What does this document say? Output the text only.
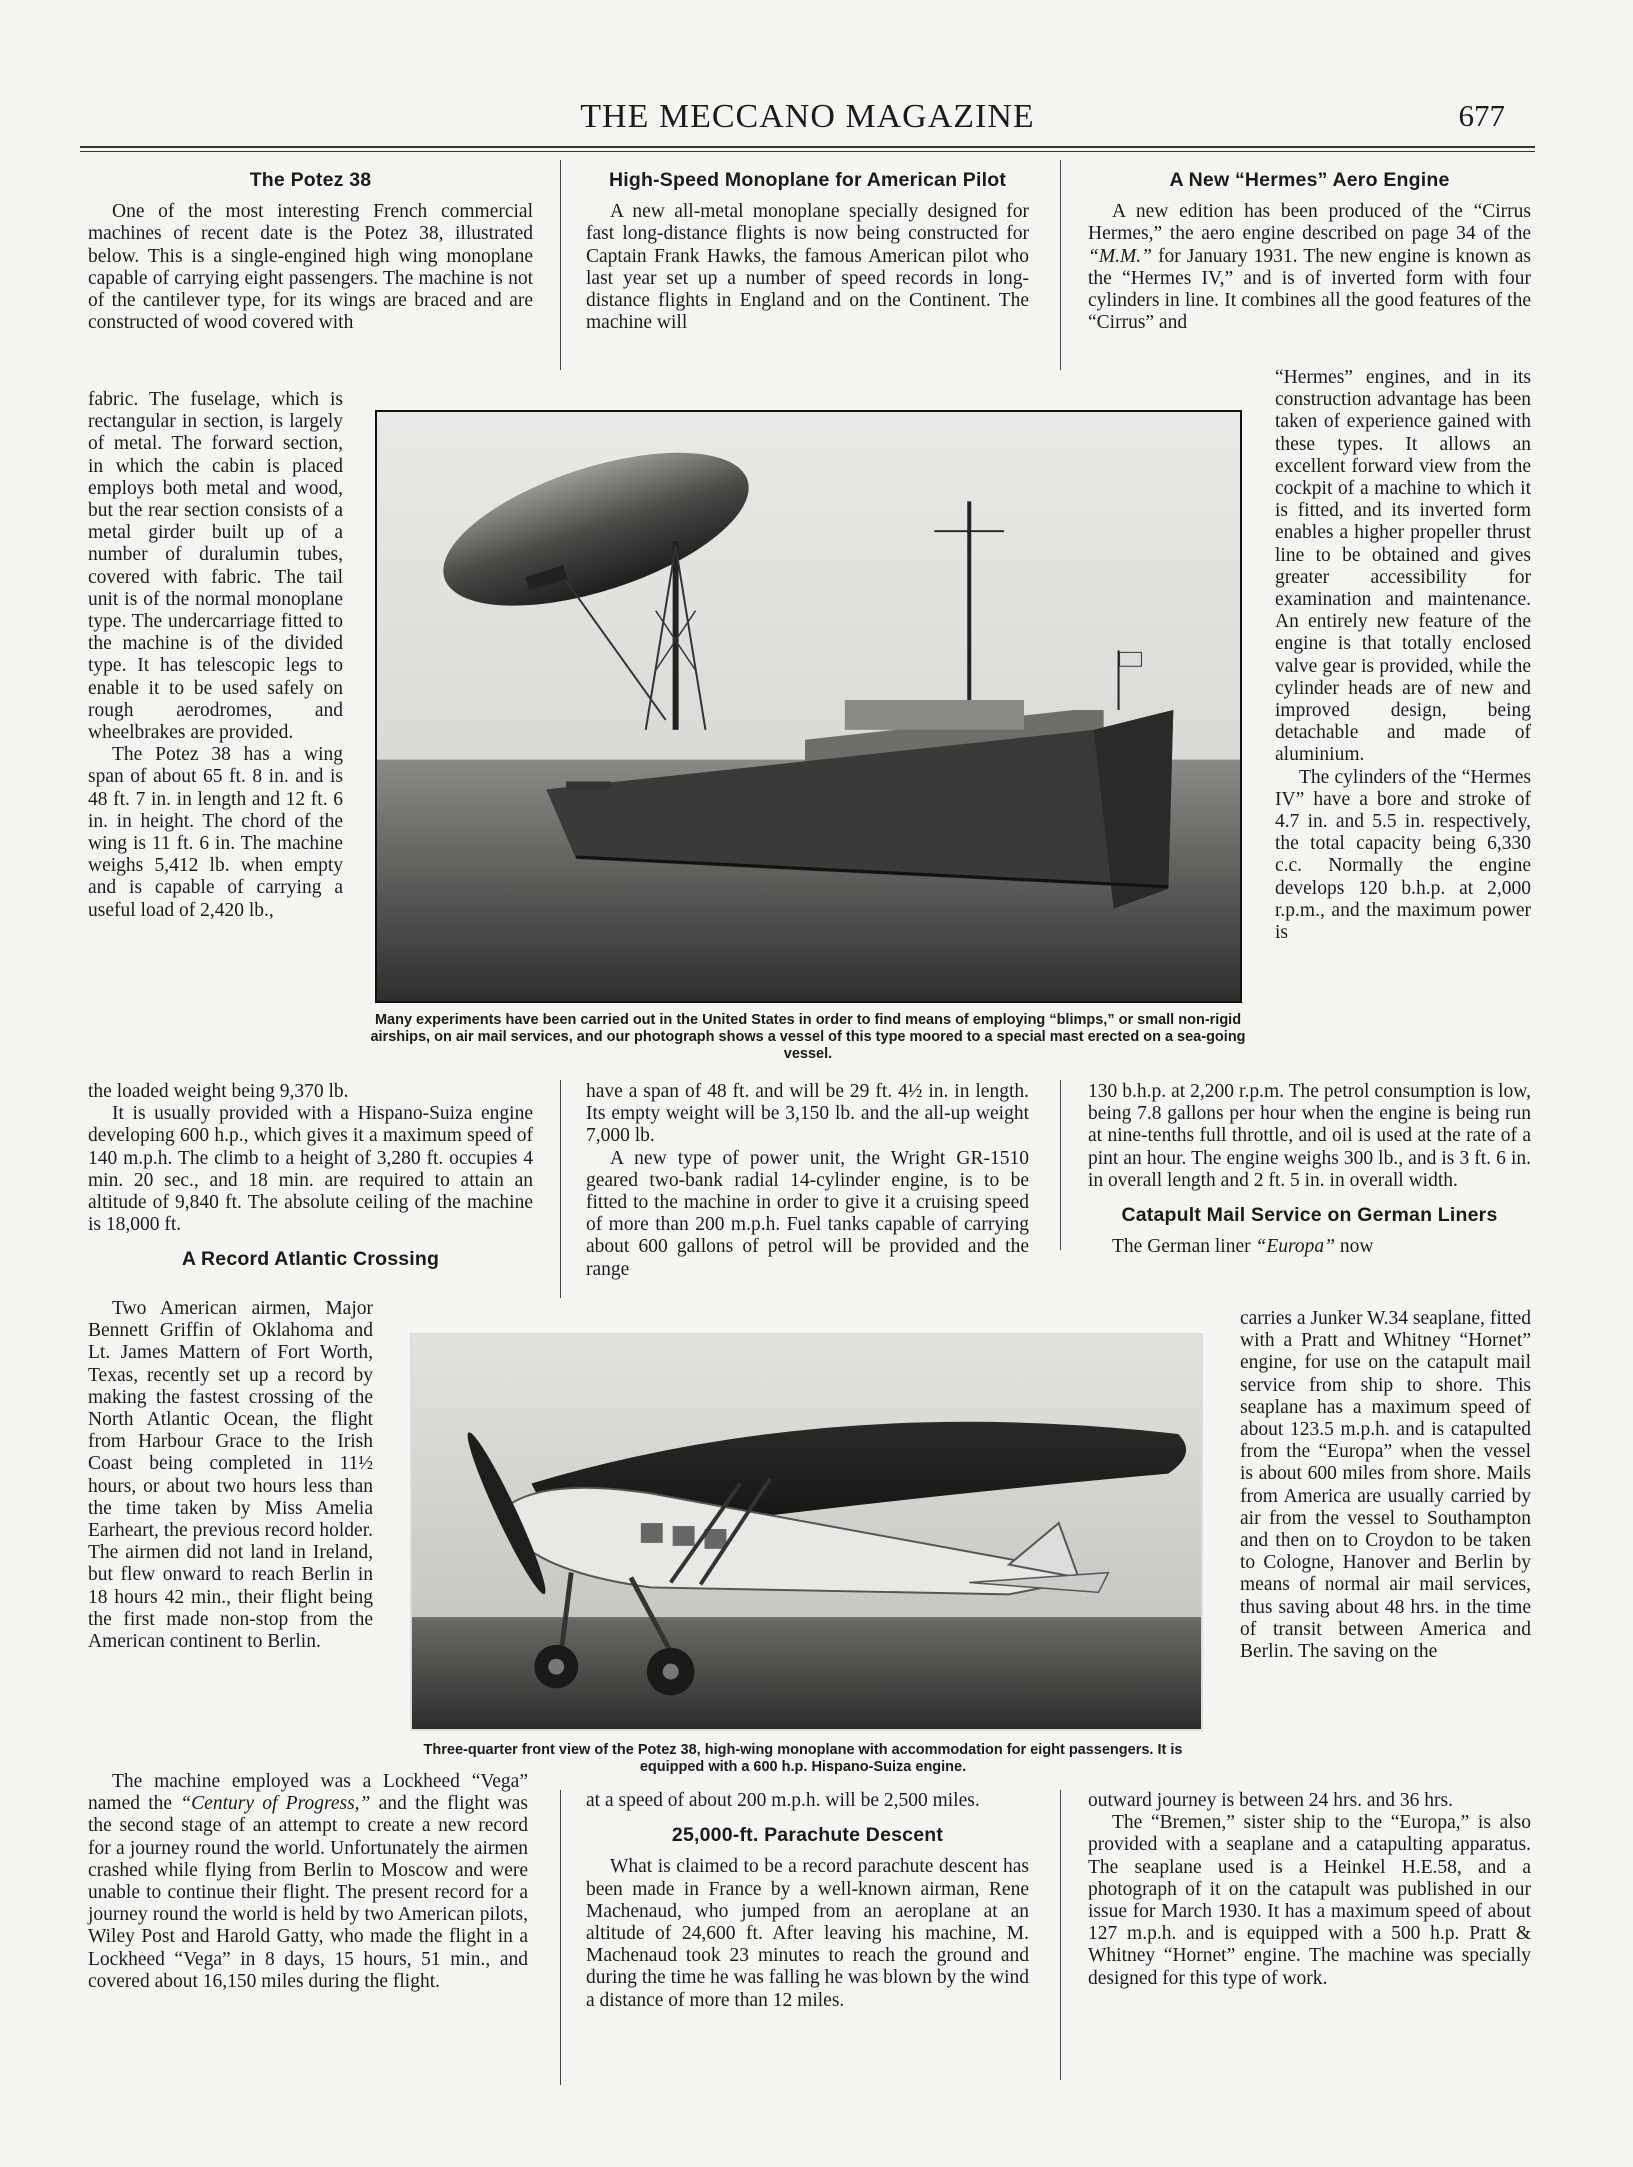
THE MECCANO MAGAZINE	677
The Potez 38

One of the most interesting French commercial machines of recent date is the Potez 38, illustrated below. This is a single-engined high wing monoplane capable of carrying eight passengers. The machine is not of the cantilever type, for its wings are braced and are constructed of wood covered with

fabric. The fuselage, which is rectangular in section, is largely of metal. The forward section, in which the cabin is placed employs both metal and wood, but the rear section consists of a metal girder built up of a number of duralumin tubes, covered with fabric. The tail unit is of the normal monoplane type. The undercarriage fitted to the machine is of the divided type. It has telescopic legs to enable it to be used safely on rough aerodromes, and wheelbrakes are provided.

The Potez 38 has a wing span of about 65 ft. 8 in. and is 48 ft. 7 in. in length and 12 ft. 6 in. in height. The chord of the wing is 11 ft. 6 in. The machine weighs 5,412 lb. when empty and is capable of carrying a useful load of 2,420 lb.,

the loaded weight being 9,370 lb.

It is usually provided with a Hispano-Suiza engine developing 600 h.p., which gives it a maximum speed of 140 m.p.h. The climb to a height of 3,280 ft. occupies 4 min. 20 sec., and 18 min. are required to attain an altitude of 9,840 ft. The absolute ceiling of the machine is 18,000 ft.

A Record Atlantic Crossing

Two American airmen, Major Bennett Griffin of Oklahoma and Lt. James Mattern of Fort Worth, Texas, recently set up a record by making the fastest crossing of the North Atlantic Ocean, the flight from Harbour Grace to the Irish Coast being completed in 11½ hours, or about two hours less than the time taken by Miss Amelia Earheart, the previous record holder. The airmen did not land in Ireland, but flew onward to reach Berlin in 18 hours 42 min., their flight being the first made non-stop from the American continent to Berlin.

The machine employed was a Lockheed “Vega” named the “Century of Progress,” and the flight was the second stage of an attempt to create a new record for a journey round the world. Unfortunately the airmen crashed while flying from Berlin to Moscow and were unable to continue their flight. The present record for a journey round the world is held by two American pilots, Wiley Post and Harold Gatty, who made the flight in a Lockheed “Vega” in 8 days, 15 hours, 51 min., and covered about 16,150 miles during the flight.

High-Speed Monoplane for American Pilot

A new all-metal monoplane specially designed for fast long-distance flights is now being constructed for Captain Frank Hawks, the famous American pilot who last year set up a number of speed records in long-distance flights in England and on the Continent. The machine will

have a span of 48 ft. and will be 29 ft. 4½ in. in length. Its empty weight will be 3,150 lb. and the all-up weight 7,000 lb.

A new type of power unit, the Wright GR-1510 geared two-bank radial 14-cylinder engine, is to be fitted to the machine in order to give it a cruising speed of more than 200 m.p.h. Fuel tanks capable of carrying about 600 gallons of petrol will be provided and the range

at a speed of about 200 m.p.h. will be 2,500 miles.

25,000-ft. Parachute Descent

What is claimed to be a record parachute descent has been made in France by a well-known airman, Rene Machenaud, who jumped from an aeroplane at an altitude of 24,600 ft. After leaving his machine, M. Machenaud took 23 minutes to reach the ground and during the time he was falling he was blown by the wind a distance of more than 12 miles.

A New “Hermes” Aero Engine

A new edition has been produced of the “Cirrus Hermes,” the aero engine described on page 34 of the “M.M.” for January 1931. The new engine is known as the “Hermes IV,” and is of inverted form with four cylinders in line. It combines all the good features of the “Cirrus” and

“Hermes” engines, and in its construction advantage has been taken of experience gained with these types. It allows an excellent forward view from the cockpit of a machine to which it is fitted, and its inverted form enables a higher propeller thrust line to be obtained and gives greater accessibility for examination and maintenance. An entirely new feature of the engine is that totally enclosed valve gear is provided, while the cylinder heads are of new and improved design, being detachable and made of aluminium.

The cylinders of the “Hermes IV” have a bore and stroke of 4.7 in. and 5.5 in. respectively, the total capacity being 6,330 c.c. Normally the engine develops 120 b.h.p. at 2,000 r.p.m., and the maximum power is

130 b.h.p. at 2,200 r.p.m. The petrol consumption is low, being 7.8 gallons per hour when the engine is being run at nine-tenths full throttle, and oil is used at the rate of a pint an hour. The engine weighs 300 lb., and is 3 ft. 6 in. in overall length and 2 ft. 5 in. in overall width.

Catapult Mail Service on German Liners

The German liner “Europa” now

carries a Junker W.34 seaplane, fitted with a Pratt and Whitney “Hornet” engine, for use on the catapult mail service from ship to shore. This seaplane has a maximum speed of about 123.5 m.p.h. and is catapulted from the “Europa” when the vessel is about 600 miles from shore. Mails from America are usually carried by air from the vessel to Southampton and then on to Croydon to be taken to Cologne, Hanover and Berlin by means of normal air mail services, thus saving about 48 hrs. in the time of transit between America and Berlin. The saving on the

outward journey is between 24 hrs. and 36 hrs.

The “Bremen,” sister ship to the “Europa,” is also provided with a seaplane and a catapulting apparatus. The seaplane used is a Heinkel H.E.58, and a photograph of it on the catapult was published in our issue for March 1930. It has a maximum speed of about 127 m.p.h. and is equipped with a 500 h.p. Pratt & Whitney “Hornet” engine. The machine was specially designed for this type of work.

Many experiments have been carried out in the United States in order to find means of employing “blimps,” or small non-rigid airships, on air mail services, and our photograph shows a vessel of this type moored to a special mast erected on a sea-going vessel.
Three-quarter front view of the Potez 38, high-wing monoplane with accommodation for eight passengers. It is equipped with a 600 h.p. Hispano-Suiza engine.
